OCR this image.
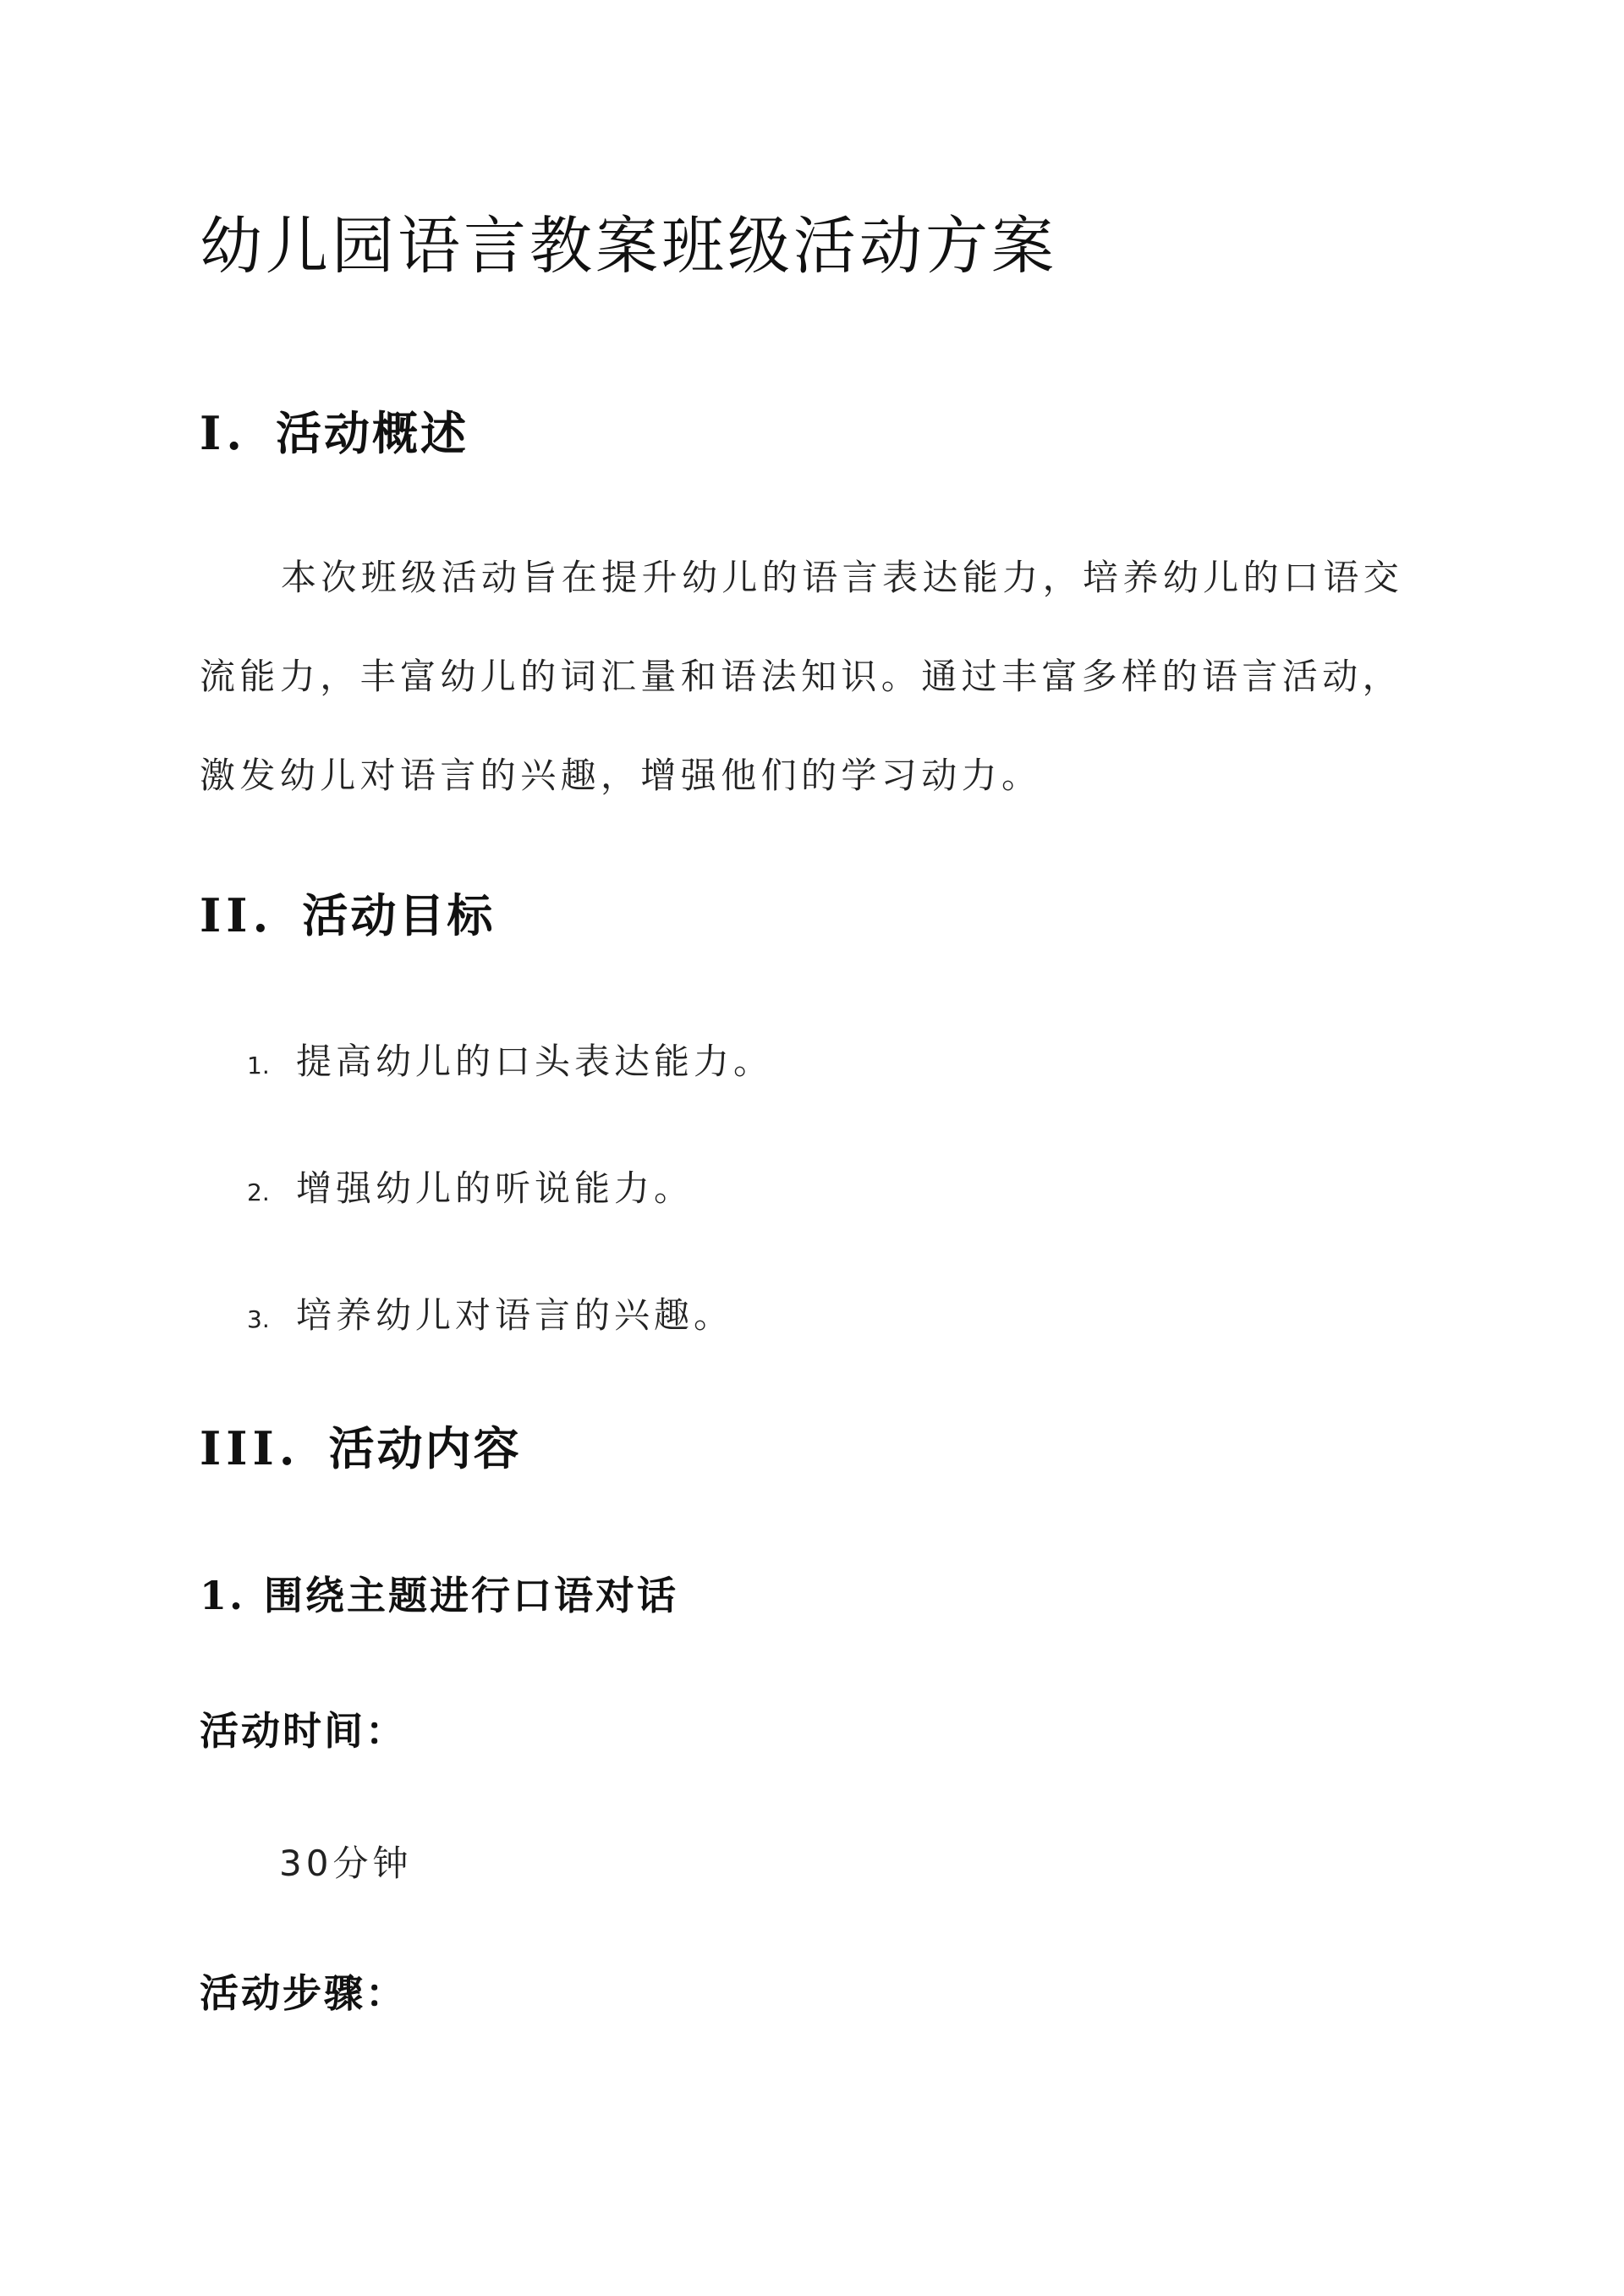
幼儿园语言教案班级活动方案
I. 活动概述

本次班级活动旨在提升幼儿的语言表达能力，培养幼儿的口语交流能力，丰富幼儿的词汇量和语法知识。通过丰富多样的语言活动，激发幼儿对语言的兴趣，增强他们的学习动力。

II. 活动目标
1. 提高幼儿的口头表达能力。
2. 增强幼儿的听说能力。
3. 培养幼儿对语言的兴趣。
III. 活动内容
1. 围绕主题进行口语对话
活动时间：
30分钟
活动步骤：
